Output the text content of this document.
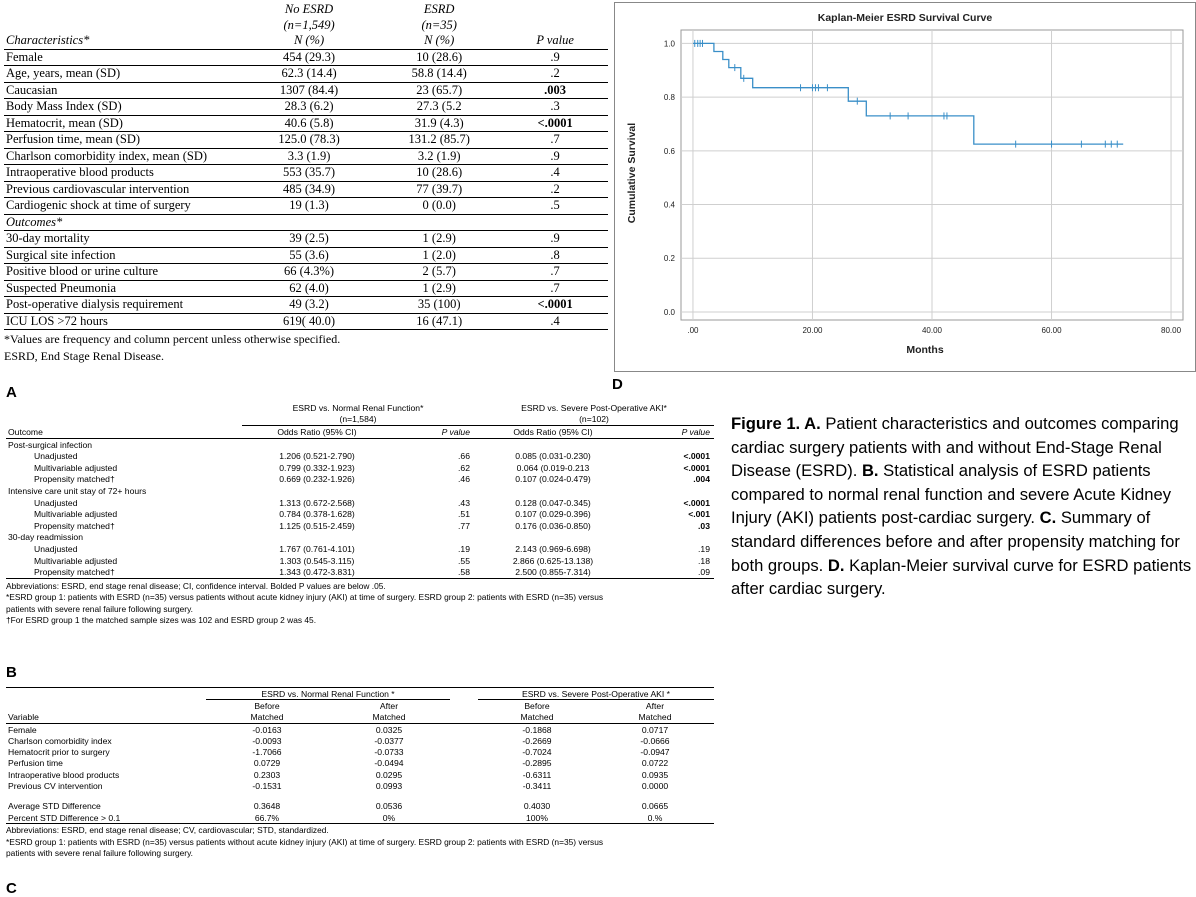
	No ESRD	ESRD	
	(n=1,549)	(n=35)	
Characteristics*	N (%)	N (%)	P value
Female	454 (29.3)	10 (28.6)	.9
Age, years, mean (SD)	62.3 (14.4)	58.8 (14.4)	.2
Caucasian	1307 (84.4)	23 (65.7)	.003
Body Mass Index (SD)	28.3 (6.2)	27.3 (5.2	.3
Hematocrit, mean (SD)	40.6 (5.8)	31.9 (4.3)	<.0001
Perfusion time, mean (SD)	125.0 (78.3)	131.2 (85.7)	.7
Charlson comorbidity index, mean (SD)	3.3 (1.9)	3.2 (1.9)	.9
Intraoperative blood products	553 (35.7)	10 (28.6)	.4
Previous cardiovascular intervention	485 (34.9)	77 (39.7)	.2
Cardiogenic shock at time of surgery	19 (1.3)	0 (0.0)	.5
Outcomes*			
30-day mortality	39 (2.5)	1 (2.9)	.9
Surgical site infection	55 (3.6)	1 (2.0)	.8
Positive blood or urine culture	66 (4.3%)	2 (5.7)	.7
Suspected Pneumonia	62 (4.0)	1 (2.9)	.7
Post-operative dialysis requirement	49 (3.2)	35 (100)	<.0001
ICU LOS >72 hours	619( 40.0)	16 (47.1)	.4
*Values are frequency and column percent unless otherwise specified.
ESRD, End Stage Renal Disease.
A
Kaplan-Meier ESRD Survival Curve
Months
Cumulative Survival
.00	20.00	40.00	60.00	80.00
0.0
0.2
0.4
0.6
0.8
1.0
D
Figure 1. A. Patient characteristics and outcomes comparing cardiac surgery patients with and without End-Stage Renal Disease (ESRD). B. Statistical analysis of ESRD patients compared to normal renal function and severe Acute Kidney Injury (AKI) patients post-cardiac surgery. C. Summary of standard differences before and after propensity matching for both groups. D. Kaplan-Meier survival curve for ESRD patients after cardiac surgery.
	ESRD vs. Normal Renal Function*		ESRD vs. Severe Post-Operative AKI*	
	(n=1,584)		(n=102)	
Outcome	Odds Ratio (95% CI)	P value	Odds Ratio (95% CI)	P value
Post-surgical infection				
Unadjusted	1.206 (0.521-2.790)	.66	0.085 (0.031-0.230)	<.0001
Multivariable adjusted	0.799 (0.332-1.923)	.62	0.064 (0.019-0.213	<.0001
Propensity matched†	0.669 (0.232-1.926)	.46	0.107 (0.024-0.479)	.004
Intensive care unit stay of 72+ hours				
Unadjusted	1.313 (0.672-2.568)	.43	0.128 (0.047-0.345)	<.0001
Multivariable adjusted	0.784 (0.378-1.628)	.51	0.107 (0.029-0.396)	<.001
Propensity matched†	1.125 (0.515-2.459)	.77	0.176 (0.036-0.850)	.03
30-day readmission				
Unadjusted	1.767 (0.761-4.101)	.19	2.143 (0.969-6.698)	.19
Multivariable adjusted	1.303 (0.545-3.115)	.55	2.866 (0.625-13.138)	.18
Propensity matched†	1.343 (0.472-3.831)	.58	2.500 (0.855-7.314)	.09
Abbreviations: ESRD, end stage renal disease; CI, confidence interval. Bolded P values are below .05.
*ESRD group 1: patients with ESRD (n=35) versus patients without acute kidney injury (AKI) at time of surgery. ESRD group 2: patients with ESRD (n=35) versus
patients with severe renal failure following surgery.
†For ESRD group 1 the matched sample sizes was 102 and ESRD group 2 was 45.
B
	ESRD vs. Normal Renal Function *			ESRD vs. Severe Post-Operative AKI *	
	Before	After		Before	After
Variable	Matched	Matched		Matched	Matched
Female	-0.0163	0.0325		-0.1868	0.0717
Charlson comorbidity index	-0.0093	-0.0377		-0.2669	-0.0666
Hematocrit prior to surgery	-1.7066	-0.0733		-0.7024	-0.0947
Perfusion time	0.0729	-0.0494		-0.2895	0.0722
Intraoperative blood products	0.2303	0.0295		-0.6311	0.0935
Previous CV intervention	-0.1531	0.0993		-0.3411	0.0000

Average STD Difference	0.3648	0.0536		0.4030	0.0665
Percent STD Difference > 0.1	66.7%	0%		100%	0.%
Abbreviations: ESRD, end stage renal disease; CV, cardiovascular; STD, standardized.
*ESRD group 1: patients with ESRD (n=35) versus patients without acute kidney injury (AKI) at time of surgery. ESRD group 2: patients with ESRD (n=35) versus
patients with severe renal failure following surgery.
C
